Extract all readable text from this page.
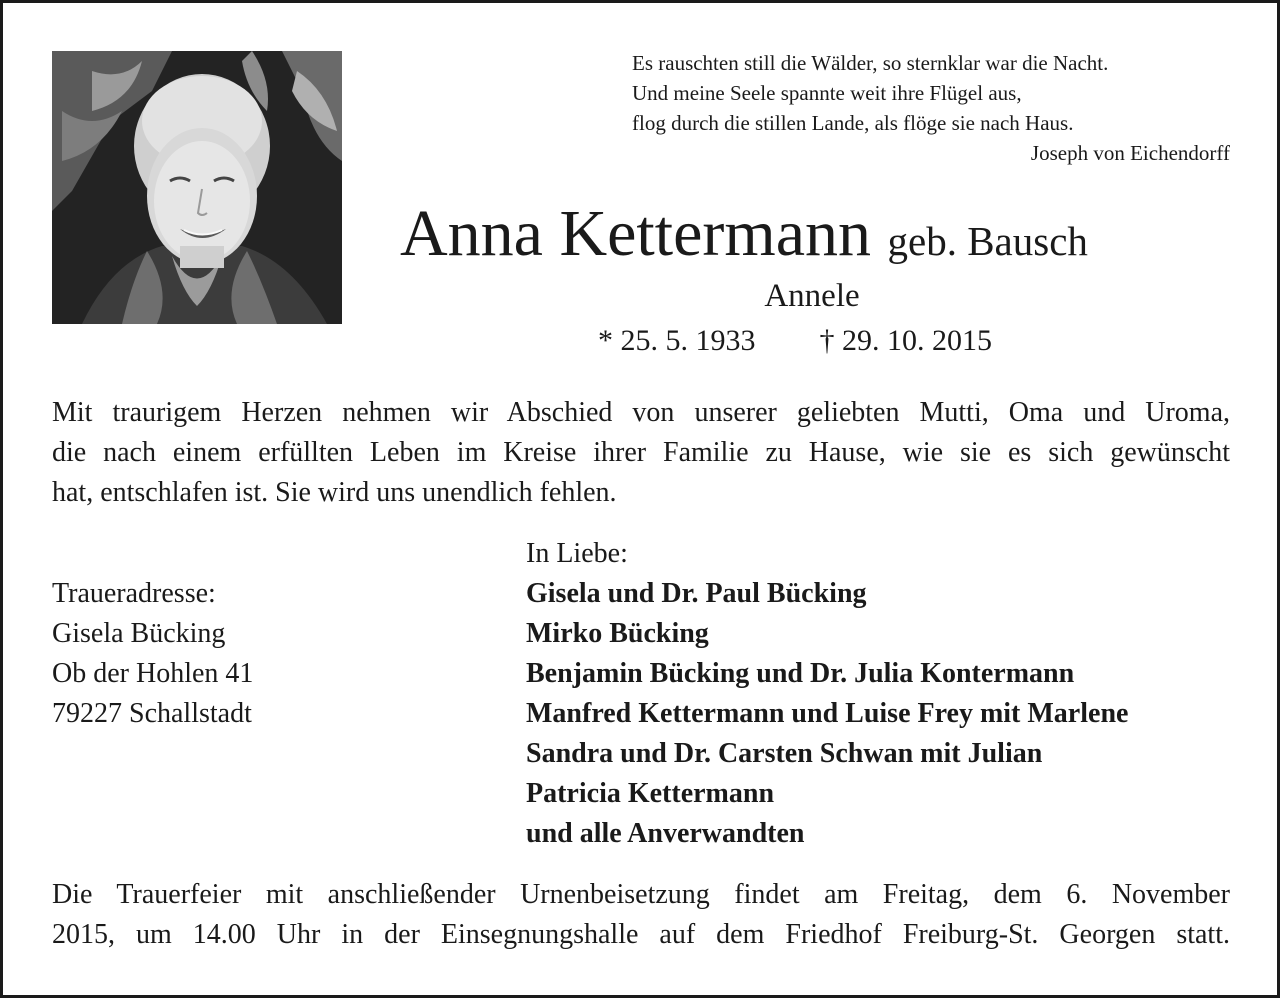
Es rauschten still die Wälder, so sternklar war die Nacht.
Und meine Seele spannte weit ihre Flügel aus,
flog durch die stillen Lande, als flöge sie nach Haus.
Joseph von Eichendorff
Anna Kettermann geb. Bausch
Annele
* 25. 5. 1933 † 29. 10. 2015
Mit traurigem Herzen nehmen wir Abschied von unserer geliebten Mutti, Oma und Uroma,
die nach einem erfüllten Leben im Kreise ihrer Familie zu Hause, wie sie es sich gewünscht
hat, entschlafen ist. Sie wird uns unendlich fehlen.
Traueradresse:
Gisela Bücking
Ob der Hohlen 41
79227 Schallstadt
In Liebe:
Gisela und Dr. Paul Bücking
Mirko Bücking
Benjamin Bücking und Dr. Julia Kontermann
Manfred Kettermann und Luise Frey mit Marlene
Sandra und Dr. Carsten Schwan mit Julian
Patricia Kettermann
und alle Anverwandten
Die Trauerfeier mit anschließender Urnenbeisetzung findet am Freitag, dem 6. November
2015, um 14.00 Uhr in der Einsegnungshalle auf dem Friedhof Freiburg-St. Georgen statt.
